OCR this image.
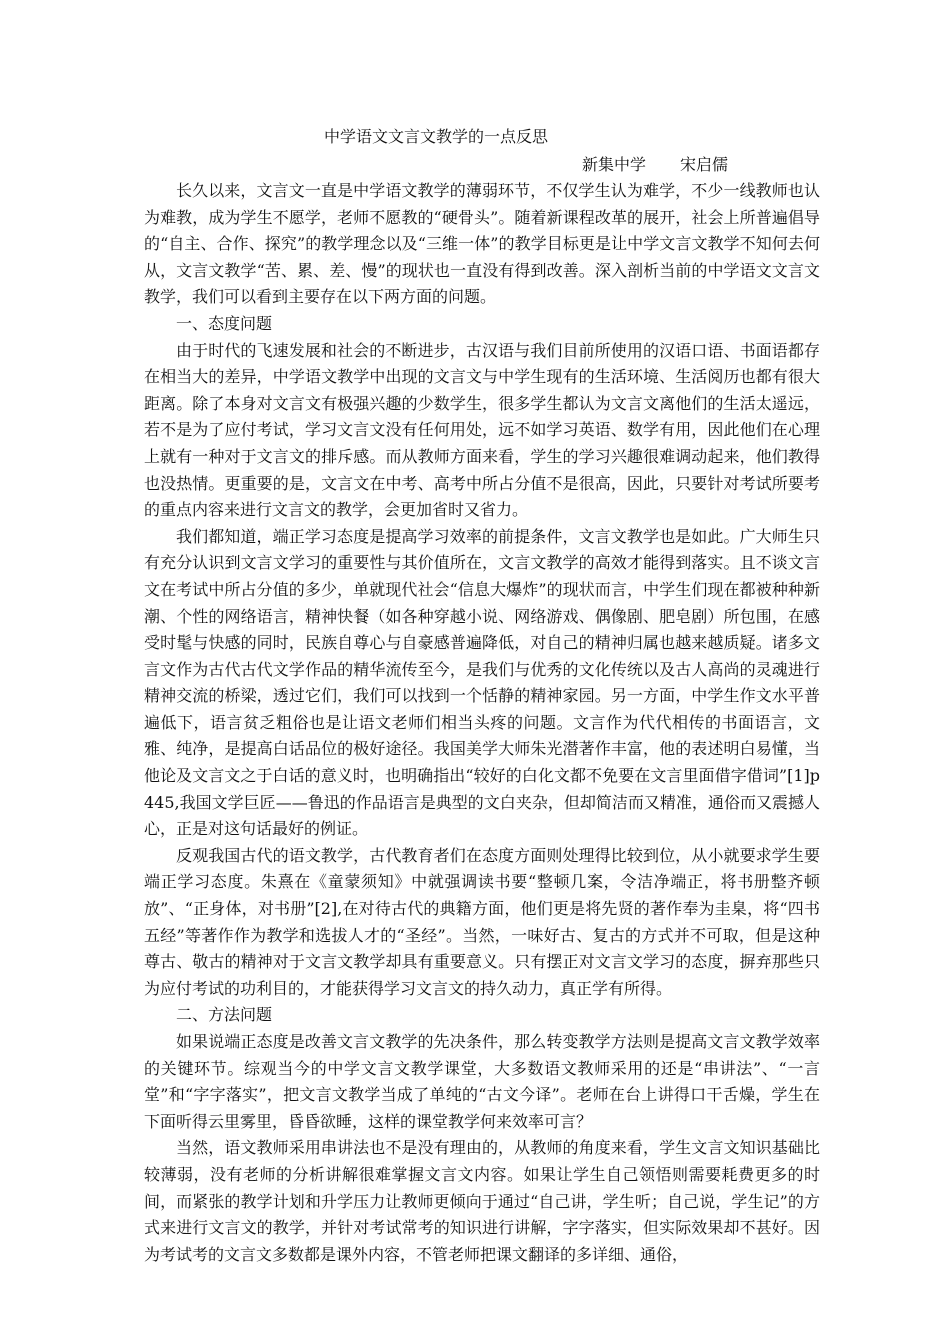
中学语文文言文教学的一点反思

新集中学 宋启儒

长久以来，文言文一直是中学语文教学的薄弱环节，不仅学生认为难学，不少一线教师也认为难教，成为学生不愿学，老师不愿教的“硬骨头”。随着新课程改革的展开，社会上所普遍倡导的“自主、合作、探究”的教学理念以及“三维一体”的教学目标更是让中学文言文教学不知何去何从，文言文教学“苦、累、差、慢”的现状也一直没有得到改善。深入剖析当前的中学语文文言文教学，我们可以看到主要存在以下两方面的问题。

一、态度问题

由于时代的飞速发展和社会的不断进步，古汉语与我们目前所使用的汉语口语、书面语都存在相当大的差异，中学语文教学中出现的文言文与中学生现有的生活环境、生活阅历也都有很大距离。除了本身对文言文有极强兴趣的少数学生，很多学生都认为文言文离他们的生活太遥远，若不是为了应付考试，学习文言文没有任何用处，远不如学习英语、数学有用，因此他们在心理上就有一种对于文言文的排斥感。而从教师方面来看，学生的学习兴趣很难调动起来，他们教得也没热情。更重要的是，文言文在中考、高考中所占分值不是很高，因此，只要针对考试所要考的重点内容来进行文言文的教学，会更加省时又省力。

我们都知道，端正学习态度是提高学习效率的前提条件，文言文教学也是如此。广大师生只有充分认识到文言文学习的重要性与其价值所在，文言文教学的高效才能得到落实。且不谈文言文在考试中所占分值的多少，单就现代社会“信息大爆炸”的现状而言，中学生们现在都被种种新潮、个性的网络语言，精神快餐（如各种穿越小说、网络游戏、偶像剧、肥皂剧）所包围，在感受时髦与快感的同时，民族自尊心与自豪感普遍降低，对自己的精神归属也越来越质疑。诸多文言文作为古代古代文学作品的精华流传至今，是我们与优秀的文化传统以及古人高尚的灵魂进行精神交流的桥梁，透过它们，我们可以找到一个恬静的精神家园。另一方面，中学生作文水平普遍低下，语言贫乏粗俗也是让语文老师们相当头疼的问题。文言作为代代相传的书面语言，文雅、纯净，是提高白话品位的极好途径。我国美学大师朱光潜著作丰富，他的表述明白易懂，当他论及文言文之于白话的意义时，也明确指出“较好的白化文都不免要在文言里面借字借词”[1]p445,我国文学巨匠——鲁迅的作品语言是典型的文白夹杂，但却简洁而又精准，通俗而又震撼人心，正是对这句话最好的例证。

反观我国古代的语文教学，古代教育者们在态度方面则处理得比较到位，从小就要求学生要端正学习态度。朱熹在《童蒙须知》中就强调读书要“整顿几案，令洁净端正，将书册整齐顿放”、“正身体，对书册”[2],在对待古代的典籍方面，他们更是将先贤的著作奉为圭臬，将“四书五经”等著作作为教学和选拔人才的“圣经”。当然，一味好古、复古的方式并不可取，但是这种尊古、敬古的精神对于文言文教学却具有重要意义。只有摆正对文言文学习的态度，摒弃那些只为应付考试的功利目的，才能获得学习文言文的持久动力，真正学有所得。

二、方法问题

如果说端正态度是改善文言文教学的先决条件，那么转变教学方法则是提高文言文教学效率的关键环节。综观当今的中学文言文教学课堂，大多数语文教师采用的还是“串讲法”、“一言堂”和“字字落实”，把文言文教学当成了单纯的“古文今译”。老师在台上讲得口干舌燥，学生在下面听得云里雾里，昏昏欲睡，这样的课堂教学何来效率可言？

当然，语文教师采用串讲法也不是没有理由的，从教师的角度来看，学生文言文知识基础比较薄弱，没有老师的分析讲解很难掌握文言文内容。如果让学生自己领悟则需要耗费更多的时间，而紧张的教学计划和升学压力让教师更倾向于通过“自己讲，学生听；自己说，学生记”的方式来进行文言文的教学，并针对考试常考的知识进行讲解，字字落实，但实际效果却不甚好。因为考试考的文言文多数都是课外内容，不管老师把课文翻译的多详细、通俗，
